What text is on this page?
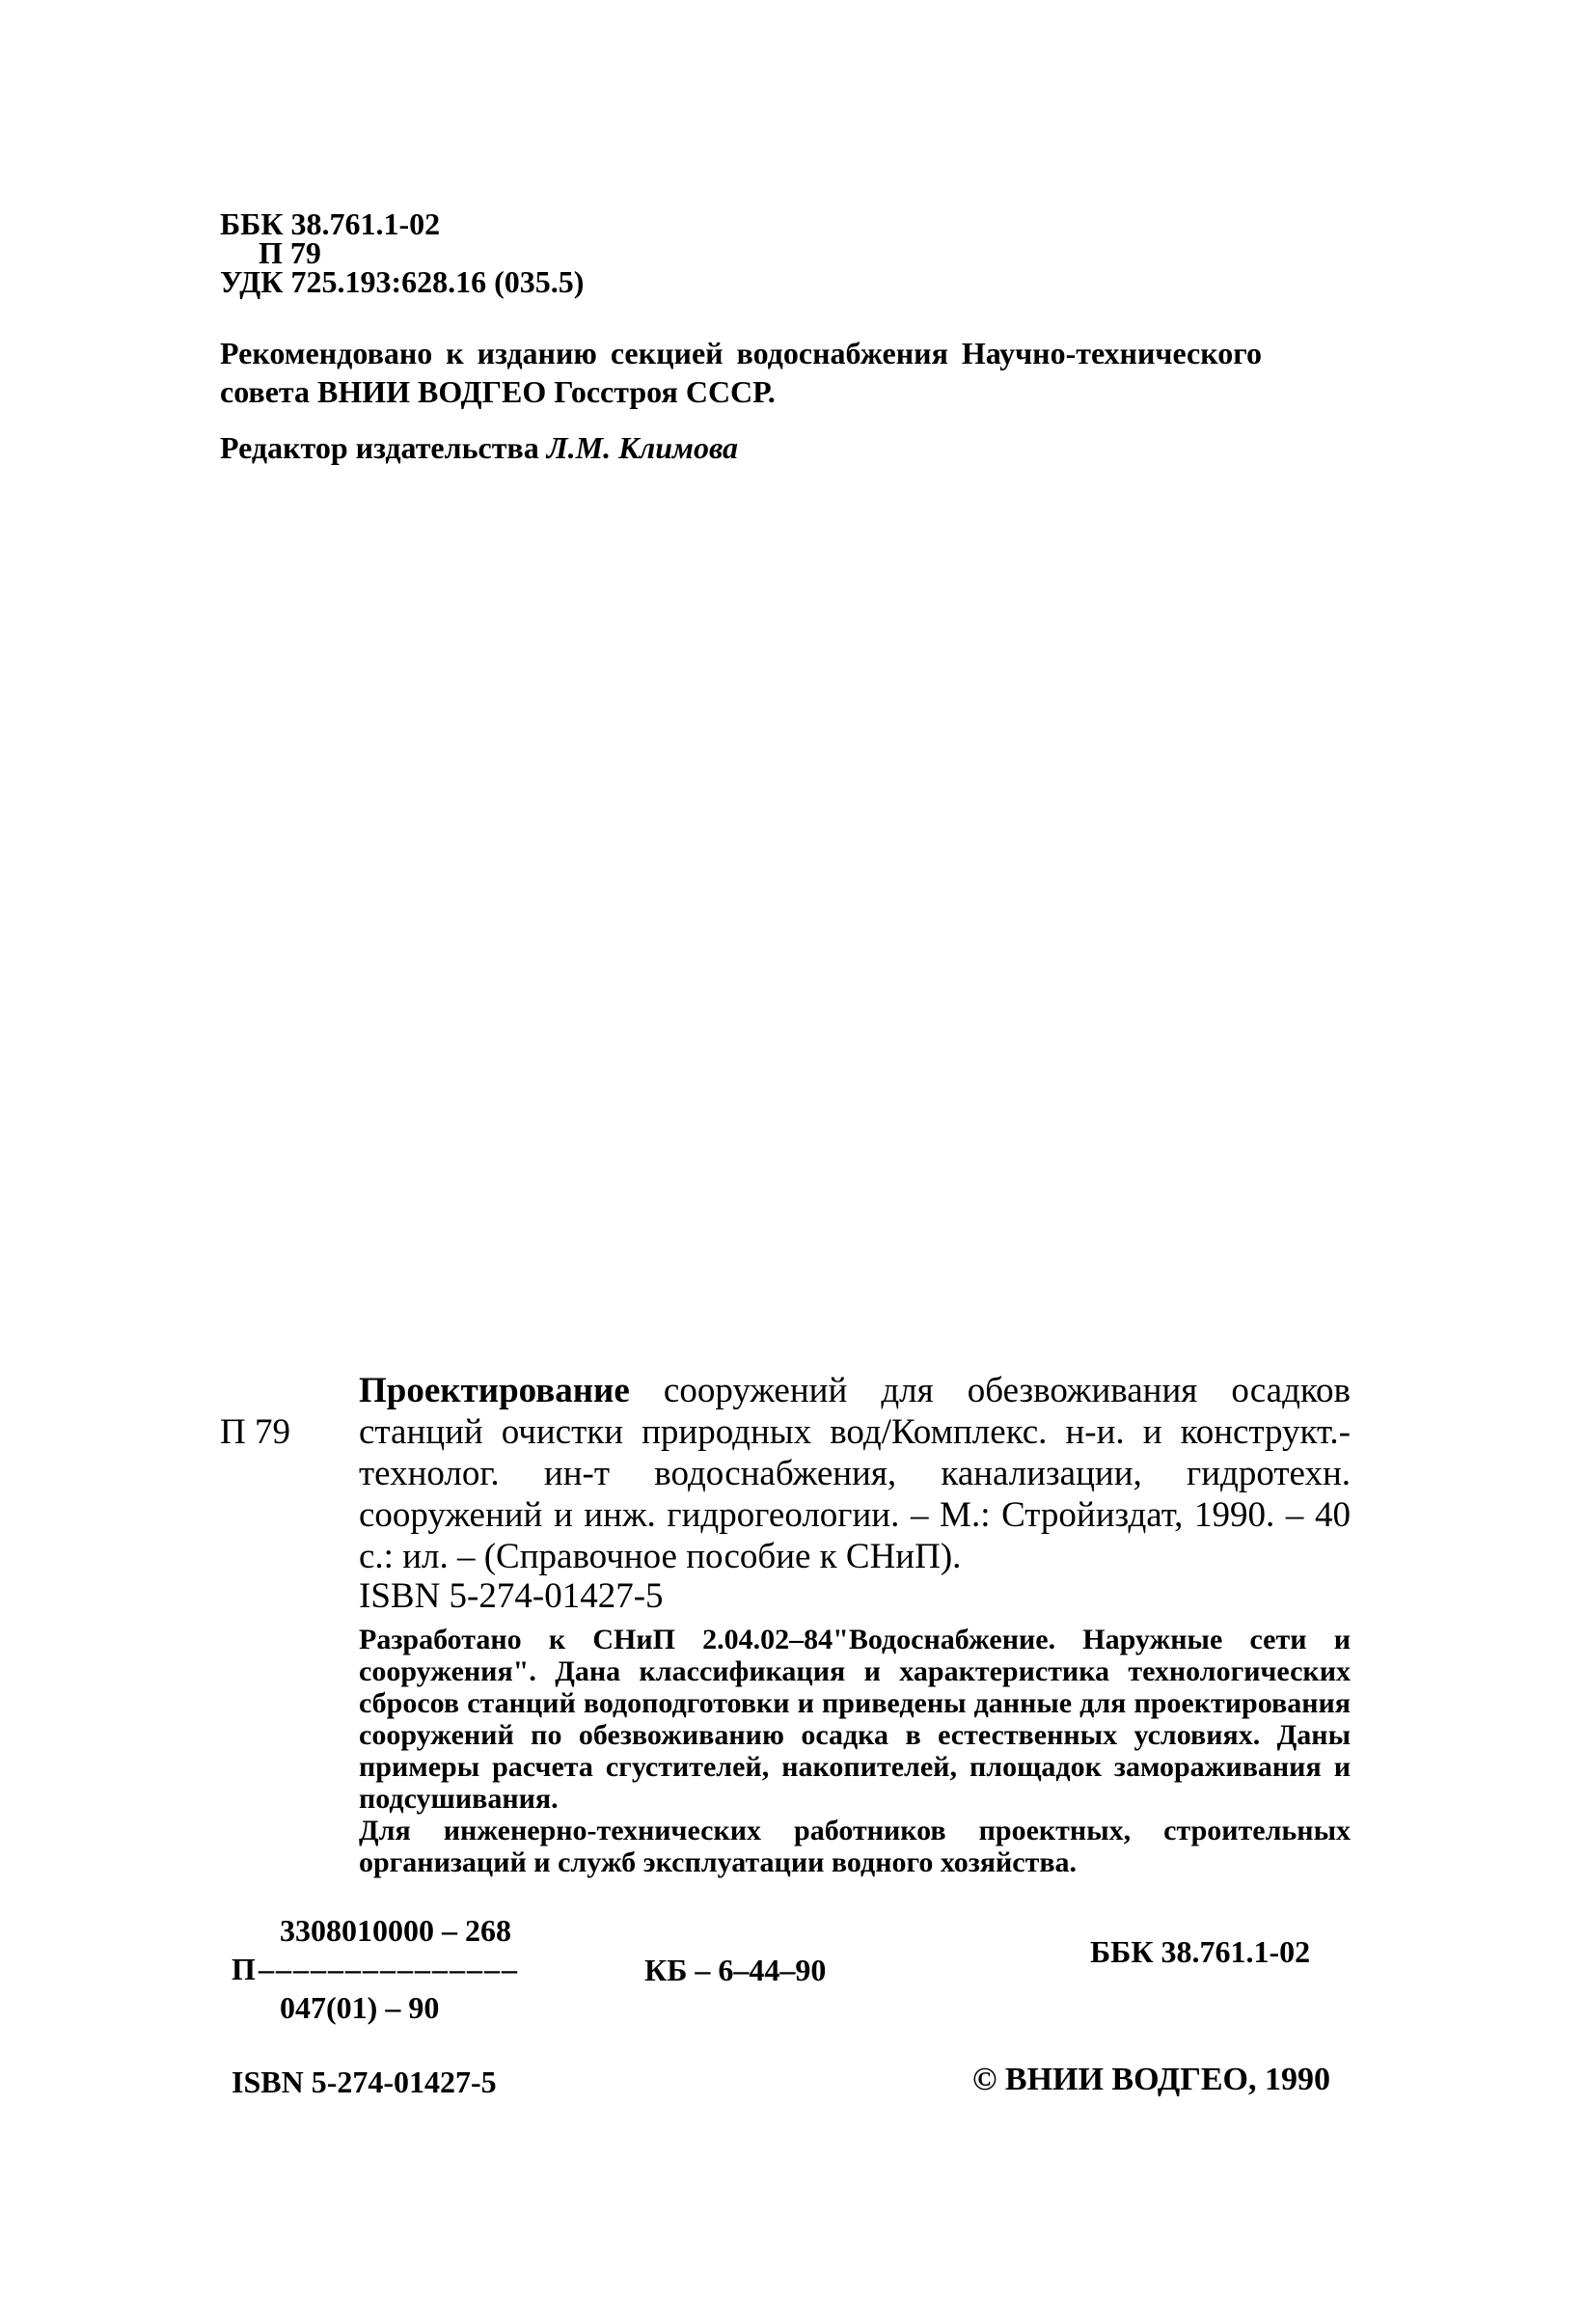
ББК 38.761.1-02
П 79
УДК 725.193:628.16 (035.5)
Рекомендовано к изданию секцией водоснабжения Научно-технического совета ВНИИ ВОДГЕО Госстроя СССР.
Редактор издательства Л.М. Климова
П 79
Проектирование сооружений для обезвоживания осадков станций очистки природных вод/Комплекс. н-и. и конструкт.-технолог. ин-т водоснабжения, канализации, гидротехн. сооружений и инж. гидрогеологии. – М.: Стройиздат, 1990. – 40 с.: ил. – (Справочное пособие к СНиП).
ISBN 5-274-01427-5

Разработано к СНиП 2.04.02–84"Водоснабжение. Наружные сети и сооружения". Дана классификация и характеристика технологических сбросов станций водоподготовки и приведены данные для проектирования сооружений по обезвоживанию осадка в естественных условиях. Даны примеры расчета сгустителей, накопителей, площадок замораживания и подсушивания.

Для инженерно-технических работников проектных, строительных организаций и служб эксплуатации водного хозяйства.

3308010000 – 268
П –––––––––––––––
047(01) – 90
КБ – 6–44–90
ББК 38.761.1-02
ISBN 5-274-01427-5	© ВНИИ ВОДГЕО, 1990
